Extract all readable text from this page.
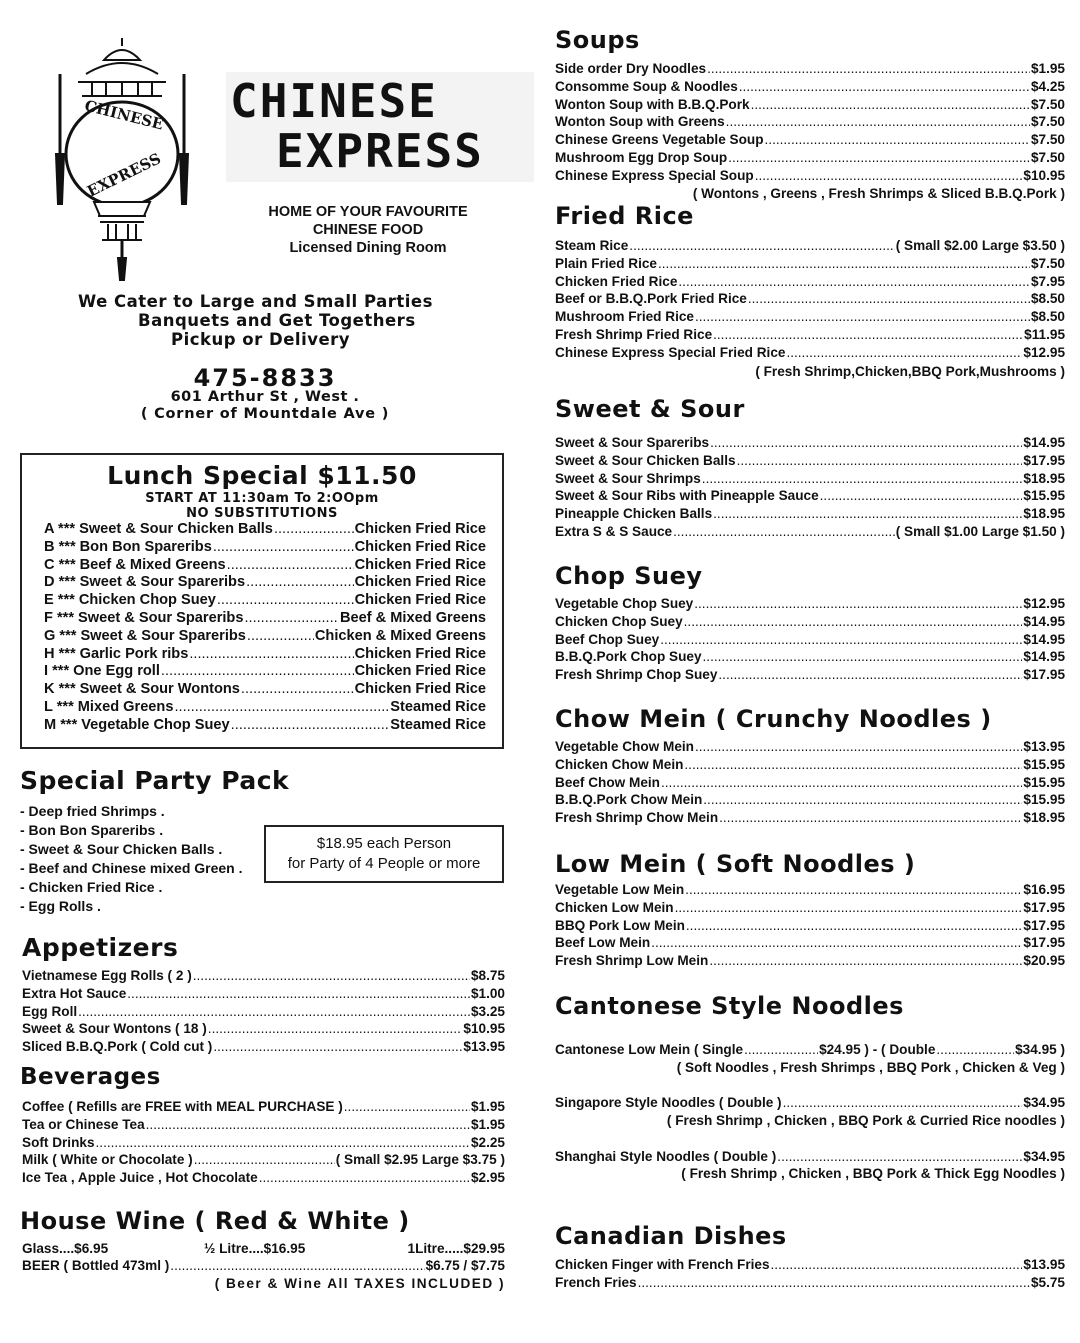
CHINESE
EXPRESS
CHINESE
EXPRESS
HOME OF YOUR FAVOURITE
CHINESE FOOD
Licensed Dining Room
We Cater to Large and Small Parties
Banquets and Get Togethers
Pickup or Delivery
475-8833
601 Arthur St , West .
( Corner of Mountdale Ave )
Lunch Special $11.50
START AT 11:30am To 2:OOpm
NO SUBSTITUTIONS
A *** Sweet & Sour Chicken Balls .....	Chicken Fried Rice
B *** Bon Bon Spareribs .....	Chicken Fried Rice
C *** Beef & Mixed Greens .....	Chicken Fried Rice
D *** Sweet & Sour Spareribs .....	Chicken Fried Rice
E *** Chicken Chop Suey .....	Chicken Fried Rice
F *** Sweet & Sour Spareribs .....	Beef & Mixed Greens
G *** Sweet & Sour Spareribs .....	Chicken & Mixed Greens
H *** Garlic Pork ribs .....	Chicken Fried Rice
I *** One Egg roll .....	Chicken Fried Rice
K *** Sweet & Sour Wontons .....	Chicken Fried Rice
L *** Mixed Greens .....	Steamed Rice
M *** Vegetable Chop Suey .....	Steamed Rice
Special Party Pack
- Deep fried Shrimps .
- Bon Bon Spareribs .
- Sweet & Sour Chicken Balls .
- Beef and Chinese mixed Green .
- Chicken Fried Rice .
- Egg Rolls .
$18.95 each Person
for Party of 4 People or more
Appetizers
Vietnamese Egg Rolls ( 2 ) .....	$8.75
Extra Hot Sauce .....	$1.00
Egg Roll .....	$3.25
Sweet & Sour Wontons ( 18 ) .....	$10.95
Sliced B.B.Q.Pork ( Cold cut ) .....	$13.95
Beverages
Coffee ( Refills are FREE with MEAL PURCHASE ) .....	$1.95
Tea or Chinese Tea .....	$1.95
Soft Drinks .....	$2.25
Milk ( White or Chocolate ) .....	( Small $2.95 Large $3.75 )
Ice Tea , Apple Juice , Hot Chocolate .....	$2.95
House Wine ( Red & White )
Glass....$6.95	½ Litre....$16.95	1Litre.....$29.95
BEER ( Bottled 473ml ) .....	$6.75 / $7.75
( Beer & Wine All TAXES INCLUDED )
Soups
Side order Dry Noodles .....	$1.95
Consomme Soup & Noodles .....	$4.25
Wonton Soup with B.B.Q.Pork .....	$7.50
Wonton Soup with Greens .....	$7.50
Chinese Greens Vegetable Soup .....	$7.50
Mushroom Egg Drop Soup .....	$7.50
Chinese Express Special Soup .....	$10.95
( Wontons , Greens , Fresh Shrimps & Sliced B.B.Q.Pork )
Fried Rice
Steam Rice .....	( Small $2.00 Large $3.50 )
Plain Fried Rice .....	$7.50
Chicken Fried Rice .....	$7.95
Beef or B.B.Q.Pork Fried Rice .....	$8.50
Mushroom Fried Rice .....	$8.50
Fresh Shrimp Fried Rice .....	$11.95
Chinese Express Special Fried Rice .....	$12.95
( Fresh Shrimp,Chicken,BBQ Pork,Mushrooms )
Sweet & Sour
Sweet & Sour Spareribs .....	$14.95
Sweet & Sour Chicken Balls .....	$17.95
Sweet & Sour Shrimps .....	$18.95
Sweet & Sour Ribs with Pineapple Sauce .....	$15.95
Pineapple Chicken Balls .....	$18.95
Extra S & S Sauce .....	( Small $1.00 Large $1.50 )
Chop Suey
Vegetable Chop Suey .....	$12.95
Chicken Chop Suey .....	$14.95
Beef Chop Suey .....	$14.95
B.B.Q.Pork Chop Suey .....	$14.95
Fresh Shrimp Chop Suey .....	$17.95
Chow Mein ( Crunchy Noodles )
Vegetable Chow Mein .....	$13.95
Chicken Chow Mein .....	$15.95
Beef Chow Mein .....	$15.95
B.B.Q.Pork Chow Mein .....	$15.95
Fresh Shrimp Chow Mein .....	$18.95
Low Mein ( Soft Noodles )
Vegetable Low Mein .....	$16.95
Chicken Low Mein .....	$17.95
BBQ Pork Low Mein .....	$17.95
Beef Low Mein .....	$17.95
Fresh Shrimp Low Mein .....	$20.95
Cantonese Style Noodles
Cantonese Low Mein ( Single .....	$24.95 ) - ( Double .....	$34.95 )
( Soft Noodles , Fresh Shrimps , BBQ Pork , Chicken & Veg )
Singapore Style Noodles ( Double ) .....	$34.95
( Fresh Shrimp , Chicken , BBQ Pork & Curried Rice noodles )
Shanghai Style Noodles ( Double ) .....	$34.95
( Fresh Shrimp , Chicken , BBQ Pork & Thick Egg Noodles )
Canadian Dishes
Chicken Finger with French Fries .....	$13.95
French Fries .....	$5.75
